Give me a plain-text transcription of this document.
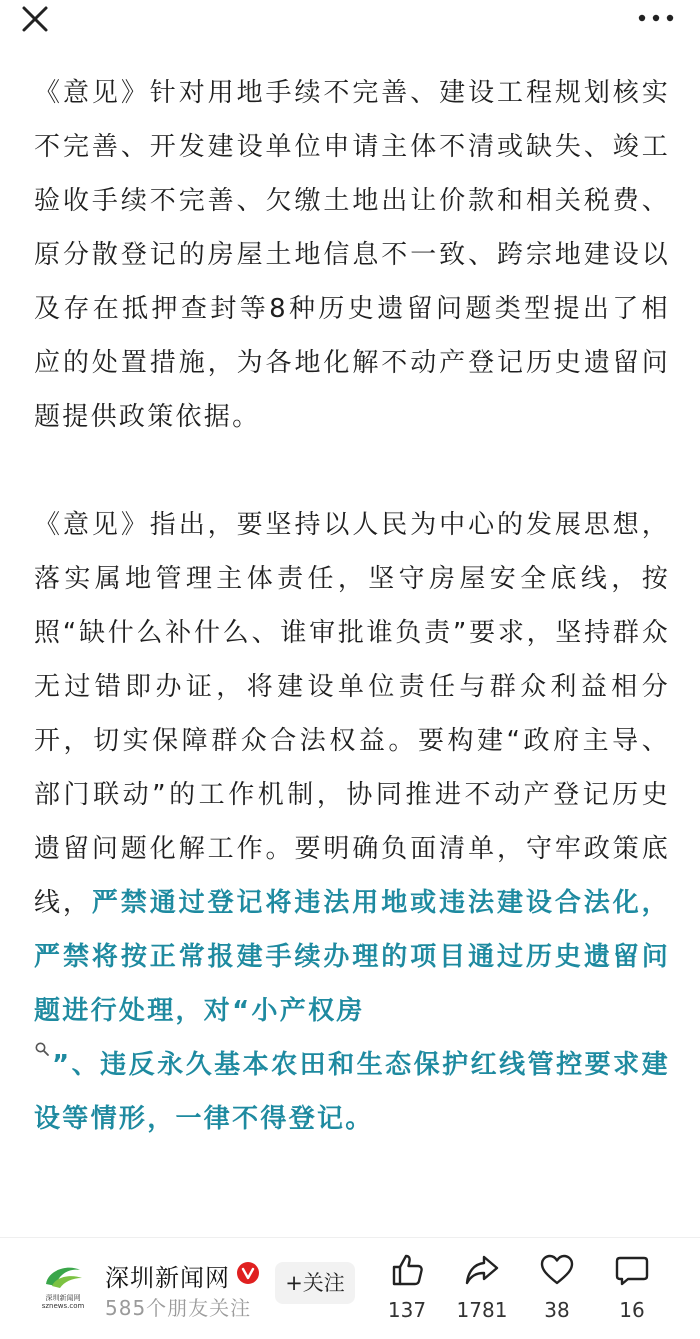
《意见》针对用地手续不完善、建设工程规划核实不完善、开发建设单位申请主体不清或缺失、竣工验收手续不完善、欠缴土地出让价款和相关税费、原分散登记的房屋土地信息不一致、跨宗地建设以及存在抵押查封等8种历史遗留问题类型提出了相应的处置措施，为各地化解不动产登记历史遗留问题提供政策依据。

《意见》指出，要坚持以人民为中心的发展思想，落实属地管理主体责任，坚守房屋安全底线，按照“缺什么补什么、谁审批谁负责”要求，坚持群众无过错即办证，将建设单位责任与群众利益相分开，切实保障群众合法权益。要构建“政府主导、部门联动”的工作机制，协同推进不动产登记历史遗留问题化解工作。要明确负面清单，守牢政策底线，严禁通过登记将违法用地或违法建设合法化，严禁将按正常报建手续办理的项目通过历史遗留问题进行处理，对“小产权房
”、违反永久基本农田和生态保护红线管控要求建设等情形，一律不得登记。

深圳新闻网 sznews.com
深圳新闻网
585个朋友关注
+关注
137	1781	38	16
